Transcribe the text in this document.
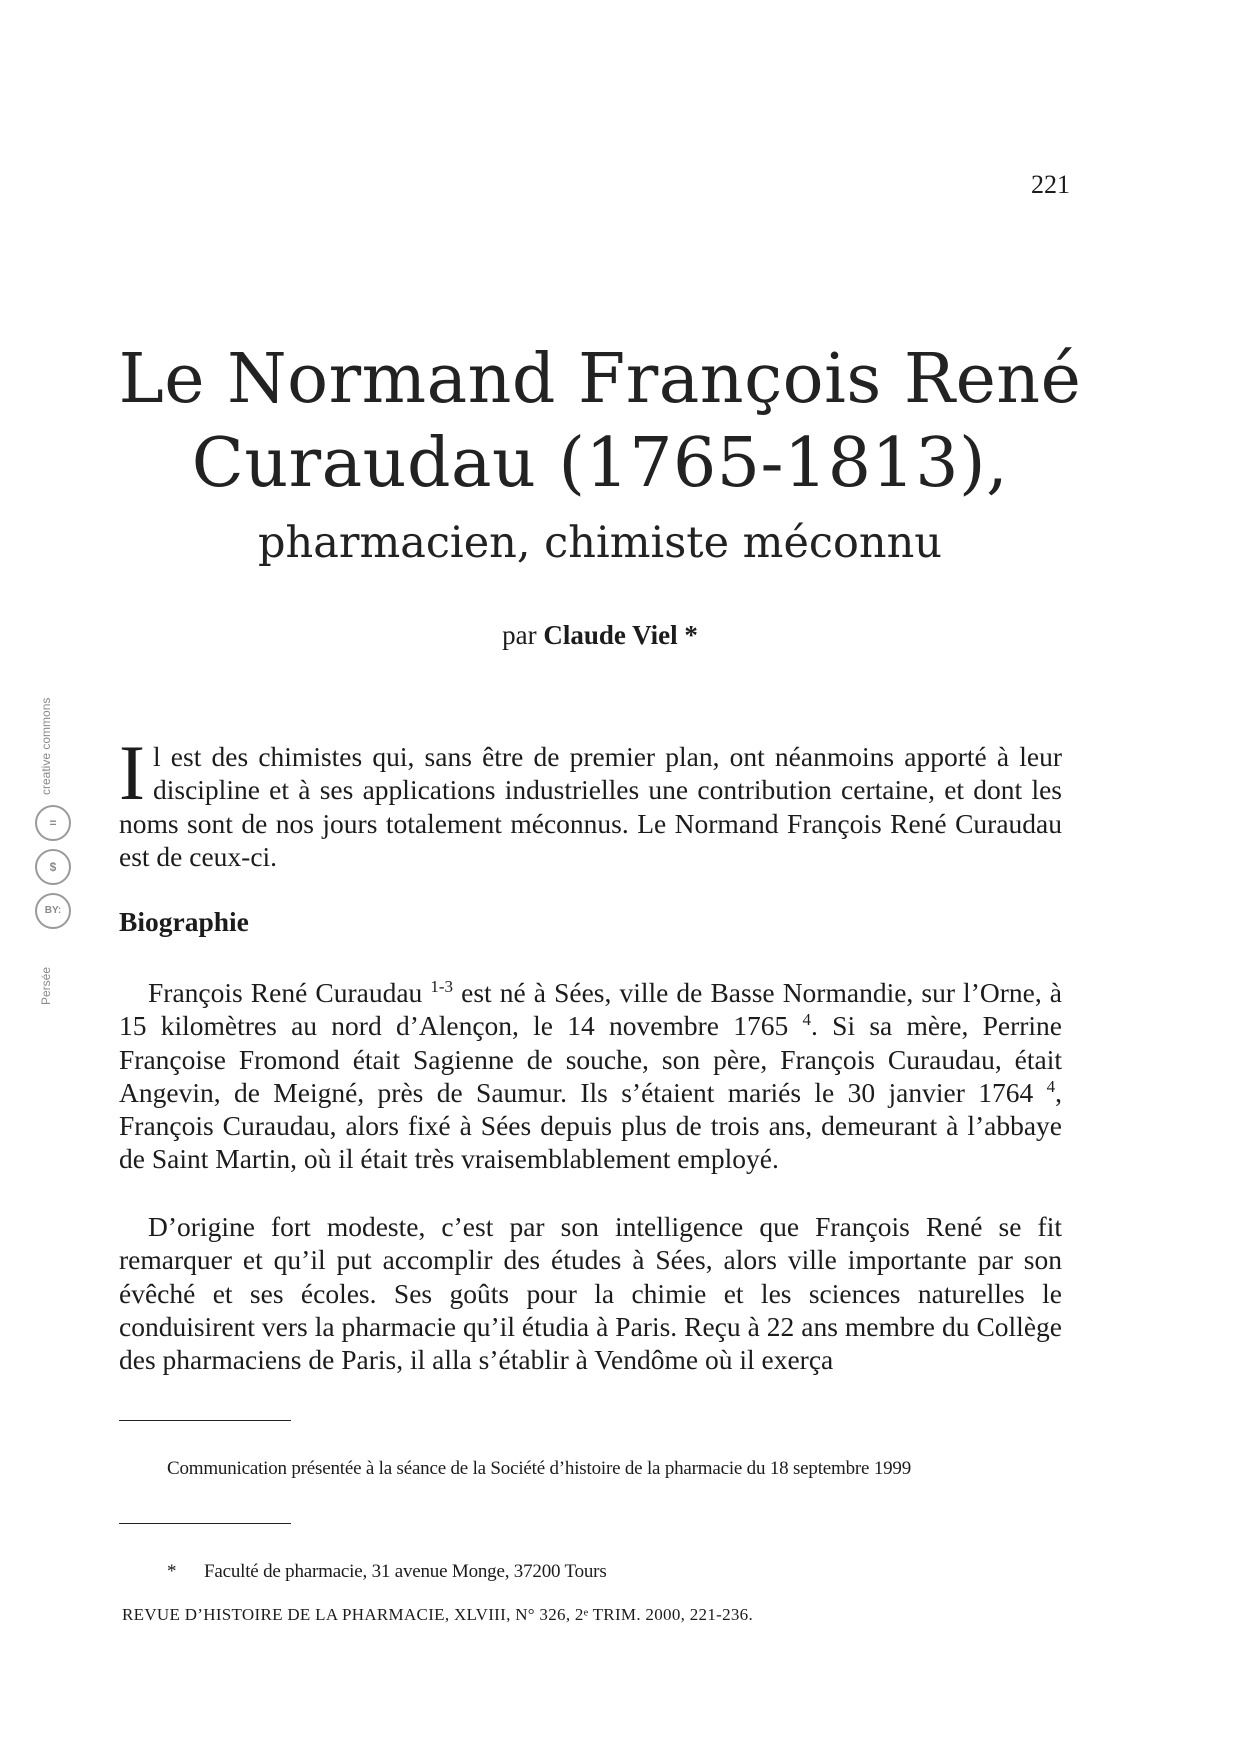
221
Le Normand François René
Curaudau (1765-1813),
pharmacien, chimiste méconnu
par Claude Viel *
creative commons
=
$
BY:
Persée

Il est des chimistes qui, sans être de premier plan, ont néanmoins apporté à leur discipline et à ses applications industrielles une contribution certaine, et dont les noms sont de nos jours totalement méconnus. Le Normand François René Curaudau est de ceux-ci.

Biographie

François René Curaudau $^{1-3}$ est né à Sées, ville de Basse Normandie, sur l’Orne, à 15 kilomètres au nord d’Alençon, le 14 novembre 1765 $^4$. Si sa mère, Perrine Françoise Fromond était Sagienne de souche, son père, François Curaudau, était Angevin, de Meigné, près de Saumur. Ils s’étaient mariés le 30 janvier 1764 $^4$, François Curaudau, alors fixé à Sées depuis plus de trois ans, demeurant à l’abbaye de Saint Martin, où il était très vraisemblablement employé.

D’origine fort modeste, c’est par son intelligence que François René se fit remarquer et qu’il put accomplir des études à Sées, alors ville importante par son évêché et ses écoles. Ses goûts pour la chimie et les sciences naturelles le conduisirent vers la pharmacie qu’il étudia à Paris. Reçu à 22 ans membre du Collège des pharmaciens de Paris, il alla s’établir à Vendôme où il exerça

Communication présentée à la séance de la Société d’histoire de la pharmacie du 18 septembre 1999
* Faculté de pharmacie, 31 avenue Monge, 37200 Tours
REVUE D’HISTOIRE DE LA PHARMACIE, XLVIII, N° 326, 2ᵉ TRIM. 2000, 221-236.
